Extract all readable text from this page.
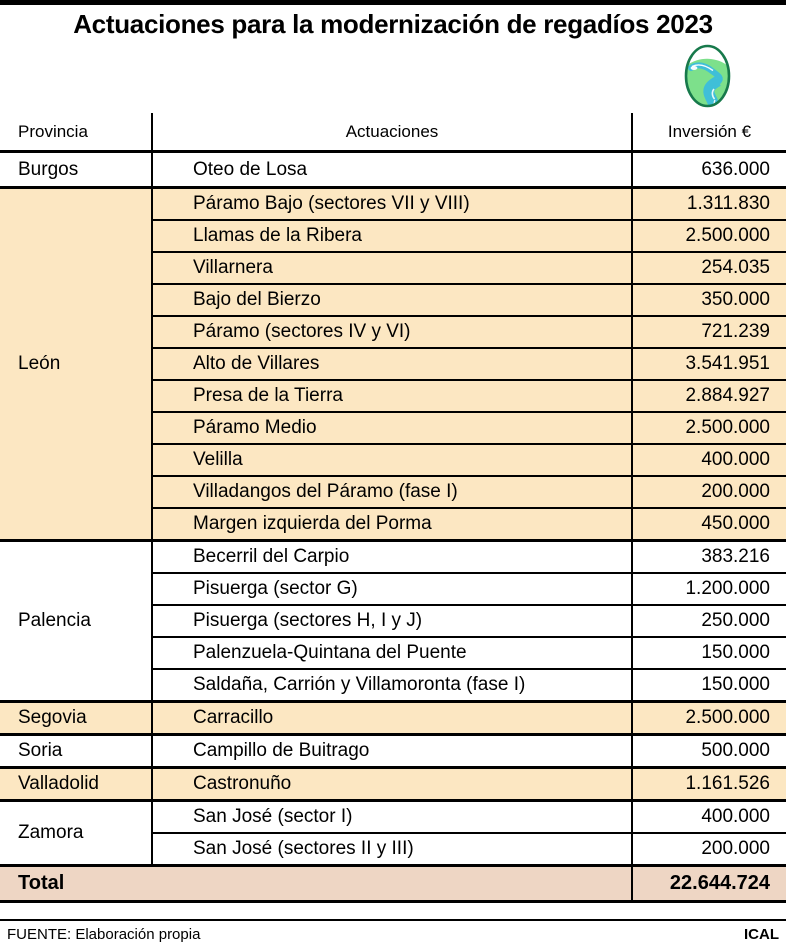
Actuaciones para la modernización de regadíos 2023
Provincia	Actuaciones	Inversión €
Burgos	Oteo de Losa	636.000
León	Páramo Bajo (sectores VII y VIII)	1.311.830
	Llamas de la Ribera	2.500.000
	Villarnera	254.035
	Bajo del Bierzo	350.000
	Páramo (sectores IV y VI)	721.239
	Alto de Villares	3.541.951
	Presa de la Tierra	2.884.927
	Páramo Medio	2.500.000
	Velilla	400.000
	Villadangos del Páramo (fase I)	200.000
	Margen izquierda del Porma	450.000
Palencia	Becerril del Carpio	383.216
	Pisuerga (sector G)	1.200.000
	Pisuerga (sectores H, I y J)	250.000
	Palenzuela-Quintana del Puente	150.000
	Saldaña, Carrión y Villamoronta (fase I)	150.000
Segovia	Carracillo	2.500.000
Soria	Campillo de Buitrago	500.000
Valladolid	Castronuño	1.161.526
Zamora	San José (sector I)	400.000
	San José (sectores II y III)	200.000
Total		22.644.724
FUENTE: Elaboración propia	ICAL
